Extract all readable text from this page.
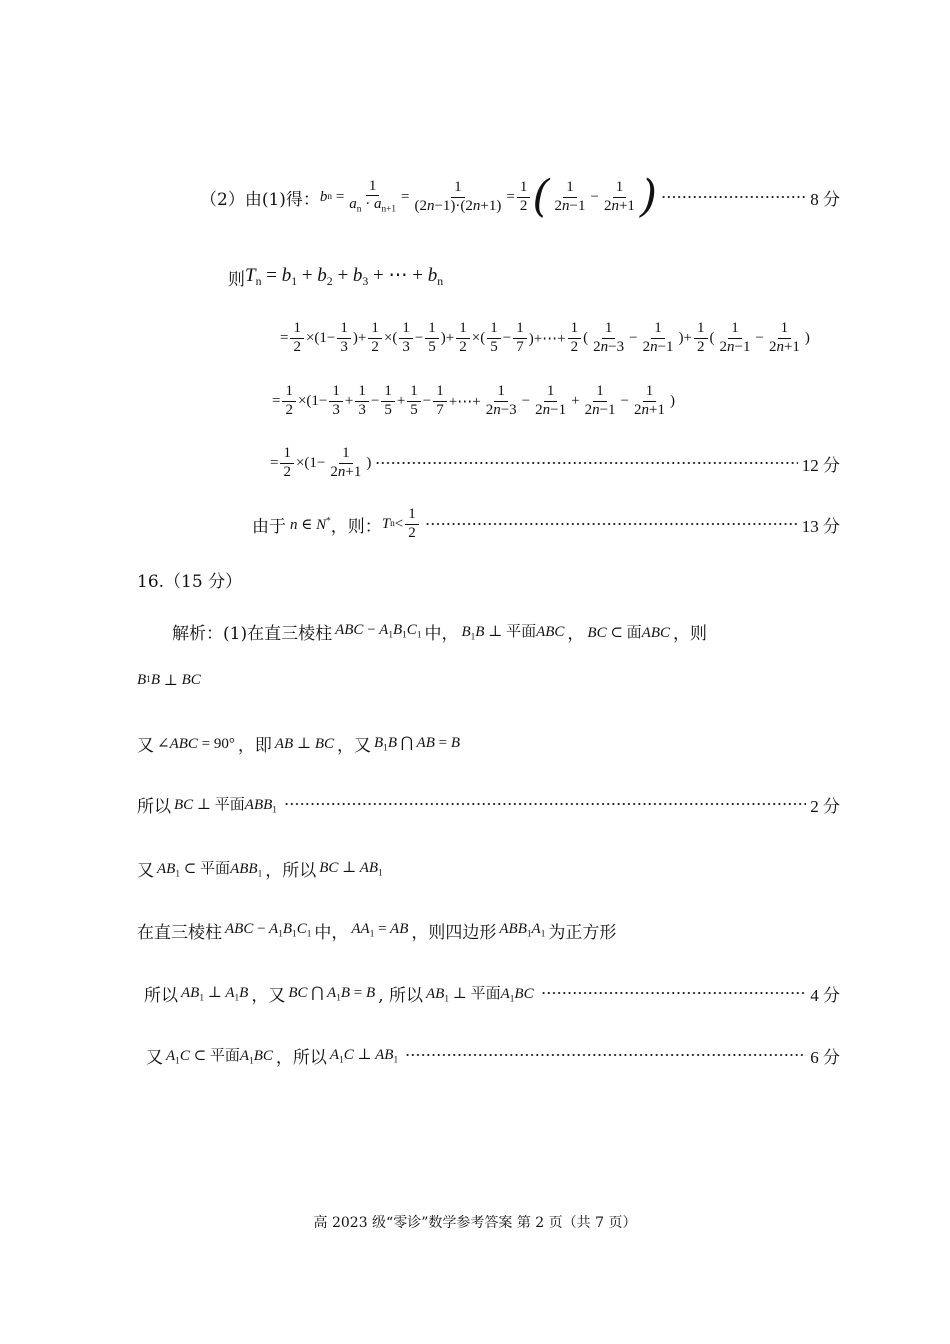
（2）由(1)得： b n
= $\frac{1}{a_n \cdot a_{n+1}} = \frac{1}{(2n-1)\cdot(2n+1)} = \frac{1}{2}$ ( $\frac{1}{2n-1} - \frac{1}{2n+1}$ )	8 分
则 $T_n = b_1 + b_2 + b_3$ + ⋯ + $b_n$
= $\frac{1}{2} \times(1- \frac{1}{3}$ )+ $\frac{1}{2}$ ×( $\frac{1}{3} - \frac{1}{5}$ )+ $\frac{1}{2}$ ×( $\frac{1}{5} - \frac{1}{7}$ )+⋯+ $\frac{1}{2}$ ( $\frac{1}{2n-3} - \frac{1}{2n-1}$ )+ $\frac{1}{2}$ ( $\frac{1}{2n-1} - \frac{1}{2n+1}$ )
= $\frac{1}{2} \times(1- \frac{1}{3} + \frac{1}{3} - \frac{1}{5} + \frac{1}{5} - \frac{1}{7}$ +⋯+ $\frac{1}{2n-3} - \frac{1}{2n-1} + \frac{1}{2n-1} - \frac{1}{2n+1}$ )
= $\frac{1}{2} \times(1- \frac{1}{2n+1}$ )	12 分
由于 n ∈ N* ，则： T $n < \frac{1}{2}$	13 分
16.（15 分）
解析：(1)在直三棱柱 ABC − $A_1B_1C_1$ 中， $B_1B$ ⊥ 平面ABC ， BC ⊂ 面ABC ，则
B 1 B ⊥ BC
又 ∠ABC = 90° ，即 AB ⊥ BC ，又 $B_1B$ ⋂ AB = B
所以 BC ⊥ 平面$ABB_1$	2 分
又 $AB_1$ ⊂ 平面$ABB_1$ ，所以 BC ⊥ $AB_1$
在直三棱柱 ABC − $A_1B_1C_1$ 中， $AA_1$ = AB ，则四边形 $ABB_1A_1$ 为正方形
所以 $AB_1$ ⊥ $A_1B$ ，又 BC ⋂ $A_1B = B$ , 所以 $AB_1$ ⊥ 平面$A_1BC$	4 分
又 $A_1C$ ⊂ 平面$A_1BC$ ，所以 $A_1C$ ⊥ $AB_1$	6 分
高 2023 级“零诊”数学参考答案 第 2 页（共 7 页）
